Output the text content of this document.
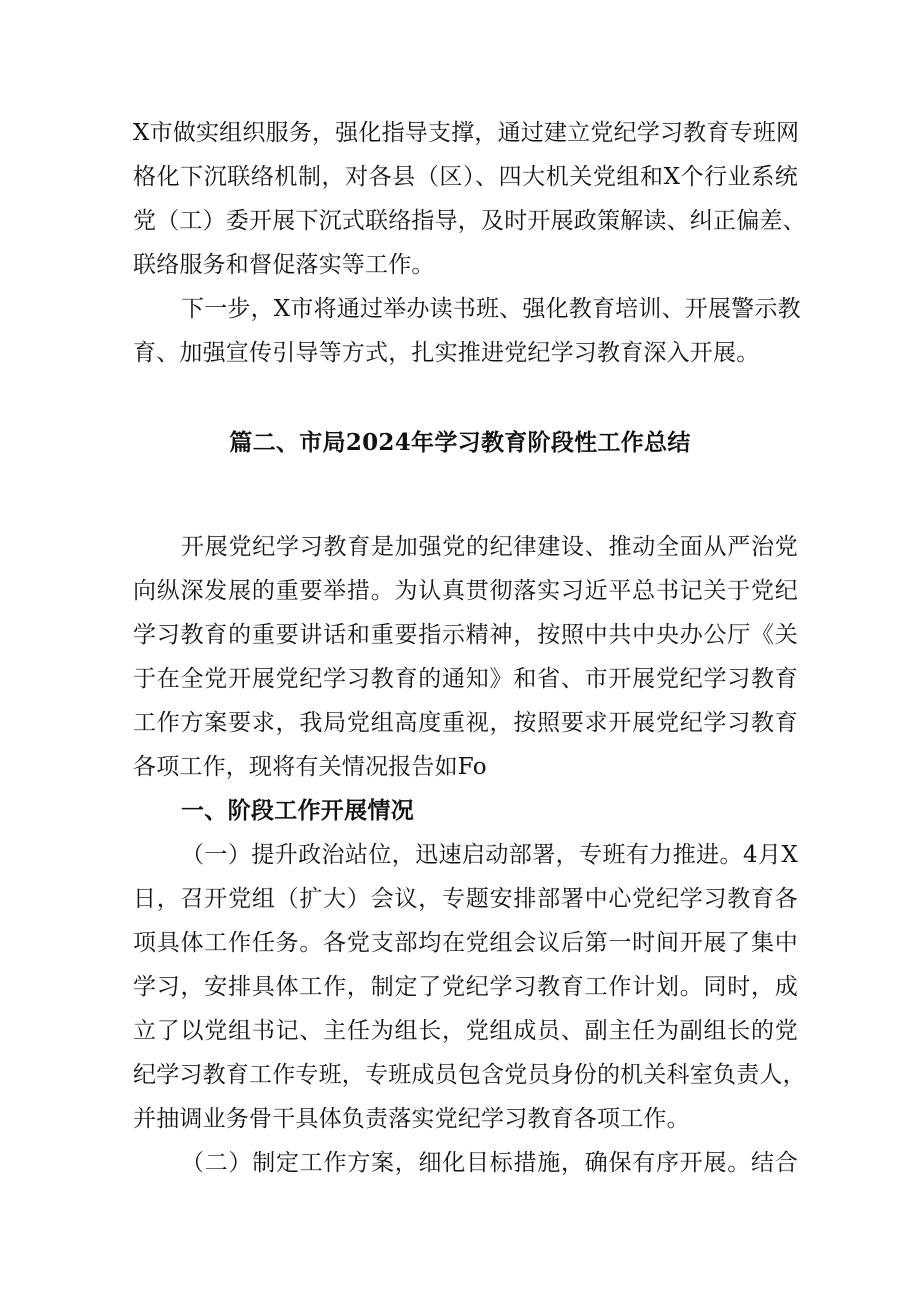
X市做实组织服务，强化指导支撑，通过建立党纪学习教育专班网
格化下沉联络机制，对各县（区）、四大机关党组和X个行业系统
党（工）委开展下沉式联络指导，及时开展政策解读、纠正偏差、
联络服务和督促落实等工作。
下一步，X市将通过举办读书班、强化教育培训、开展警示教
育、加强宣传引导等方式，扎实推进党纪学习教育深入开展。
篇二、市局2024年学习教育阶段性工作总结
开展党纪学习教育是加强党的纪律建设、推动全面从严治党
向纵深发展的重要举措。为认真贯彻落实习近平总书记关于党纪
学习教育的重要讲话和重要指示精神，按照中共中央办公厅《关
于在全党开展党纪学习教育的通知》和省、市开展党纪学习教育
工作方案要求，我局党组高度重视，按照要求开展党纪学习教育
各项工作，现将有关情况报告如Fo
一、阶段工作开展情况
（一）提升政治站位，迅速启动部署，专班有力推进。4月X
日，召开党组（扩大）会议，专题安排部署中心党纪学习教育各
项具体工作任务。各党支部均在党组会议后第一时间开展了集中
学习，安排具体工作，制定了党纪学习教育工作计划。同时，成
立了以党组书记、主任为组长，党组成员、副主任为副组长的党
纪学习教育工作专班，专班成员包含党员身份的机关科室负责人，
并抽调业务骨干具体负责落实党纪学习教育各项工作。
（二）制定工作方案，细化目标措施，确保有序开展。结合
